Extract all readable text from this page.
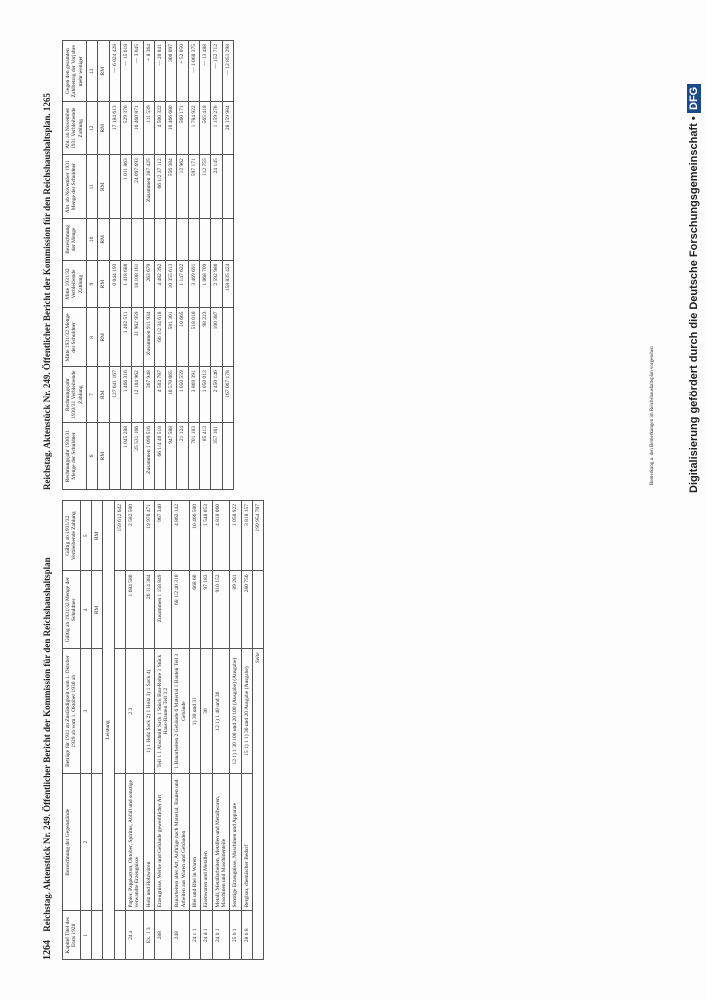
1264 Reichstag. Aktenstück Nr. 249. Öffentlicher Bericht der Kommission für den Reichshaushaltsplan
Reichstag. Aktenstück Nr. 249. Öffentlicher Bericht der Kommission für den Reichshaushaltsplan. 1265
Kapitel Titel des Etats 1928	Bezeichnung der Gegenstände	Beträge für 1931 zu Zuständigkeit vom 1. Oktober 1929 ab vom 1. Oktober 1930 ab	Gültig ab 1931/32 Menge der Schuldner	Gültig ab 1931/32 Verbleibende Zahlung
1	2	3	4	5
			RM	RM
Leistung				
				159 612 642
24 a	Papier, Pappkarton, Oktober, Spiritus, Abfall und sonstige verwandte Erzeugnisse	2 3	1 684 580	2 582 500
Ex. 1 3	Holz und Holzwaren	1) 1 Holz Sack 2) 1 Holz 3) 1 Sack 4)	26 114 384	19 978 471
288	Erzeugnisse, Werke und Gebäude gewerblicher Art	Teil 1 1 Abschnitt Sack 1 Stück Bau-Rohre 1 Stück Haus-Bauten Teil 3 2	Zusammen 1 158 849	967 340
248	Bauarbeiten aller Art, Aufträge nach Material, Bauten und Arbeiten aus Waren und Gebäuden	1 Bauarbeiten 2 Gebäude 6 Material 1 Bauten Teil 3 Gebäude	68 1/2 40 310	4 862 142
24 c 1	Blei und Blei in Waren	1) 30 und 31	668 60	10 466 500
24 d 1	Eisenwaren und Metallen	30	97 183	1 548 053
24 b 1	Metall, Metallarbeiten, Metallen und Metallwaren, Maschinen und Maschinenteile	12 1) 1 40 und 30	910 152	4 818 060
25 b 1	Sonstige Erzeugnisse, Maschinen und Apparate	12 1) 1 30 100 und 20 100 (Ausgabe) (Ausgabe)	89 281	1 058 922
28 b 8	Bergbau, chemischer Bedarf	15 1) 1 1) 30 und 20 Ausgabe (Ausgabe)	280 756	3 818 157
Seite				199 954 707
Rechnungsjahr 1930/31 Menge der Schuldner	Rechnungsjahr 1930/31 Verbleibende Zahlung	Mitte 1931/32 Menge der Schuldner	Mitte 1931/32 Verbleibende Zahlung	Bezeichnung der Menge	Abt. ab November 1931 Menge der Schuldner	Abt. ab November 1931 Verbleibende Zahlung	Gegen den gesamten Zahlbetrag der Vorjahre mehr weniger
6	7	8	9	10	11	12	13
RM	RM	RM	RM	RM	RM	RM	RM
	127 641 167		0 044 193			17 184 613	— 6 024 428
1 045 288	1 466 316	1 402 511	1 418 688		1 011 863	529 370	— 15 618
25 531 166	12 104 962	31 962 959	18 108 161		24 097 693	10 460 871	— 3 645
Zusammen 1 099 516	367 948	Zusammen 911 934	263 679		Zusammen 387 425	111 539	+ 8 364
66 1/4 40 518	4 502 787	66 1/2 34 618	4 482 392		66 1/2 37 112	4 500 322	— 20 841
947 588	10 570 065	581 301	10 355 613		556 384	10 466 680	300 097
21 124	1 050 559	10 665	1 147 622		12 962	560 171	+ 52 050
701 183	3 869 391	518 010	3 469 691		597 171	1 784 922	— 1 068 375
85 413	1 050 013	98 223	1 068 709		112 755	565 418	— 13 488
357 161	2 450 146	100 387	2 592 980		24 145	1 159 278	— 152 712
	167 067 178		158 835 424			28 159 984	— 12 851 298
Bemerkung u. den Bemerkungen im Reichshaushaltsplan vorgesehen	Digitalisierung gefördert durch die Deutsche Forschungsgemeinschaft • DFG
